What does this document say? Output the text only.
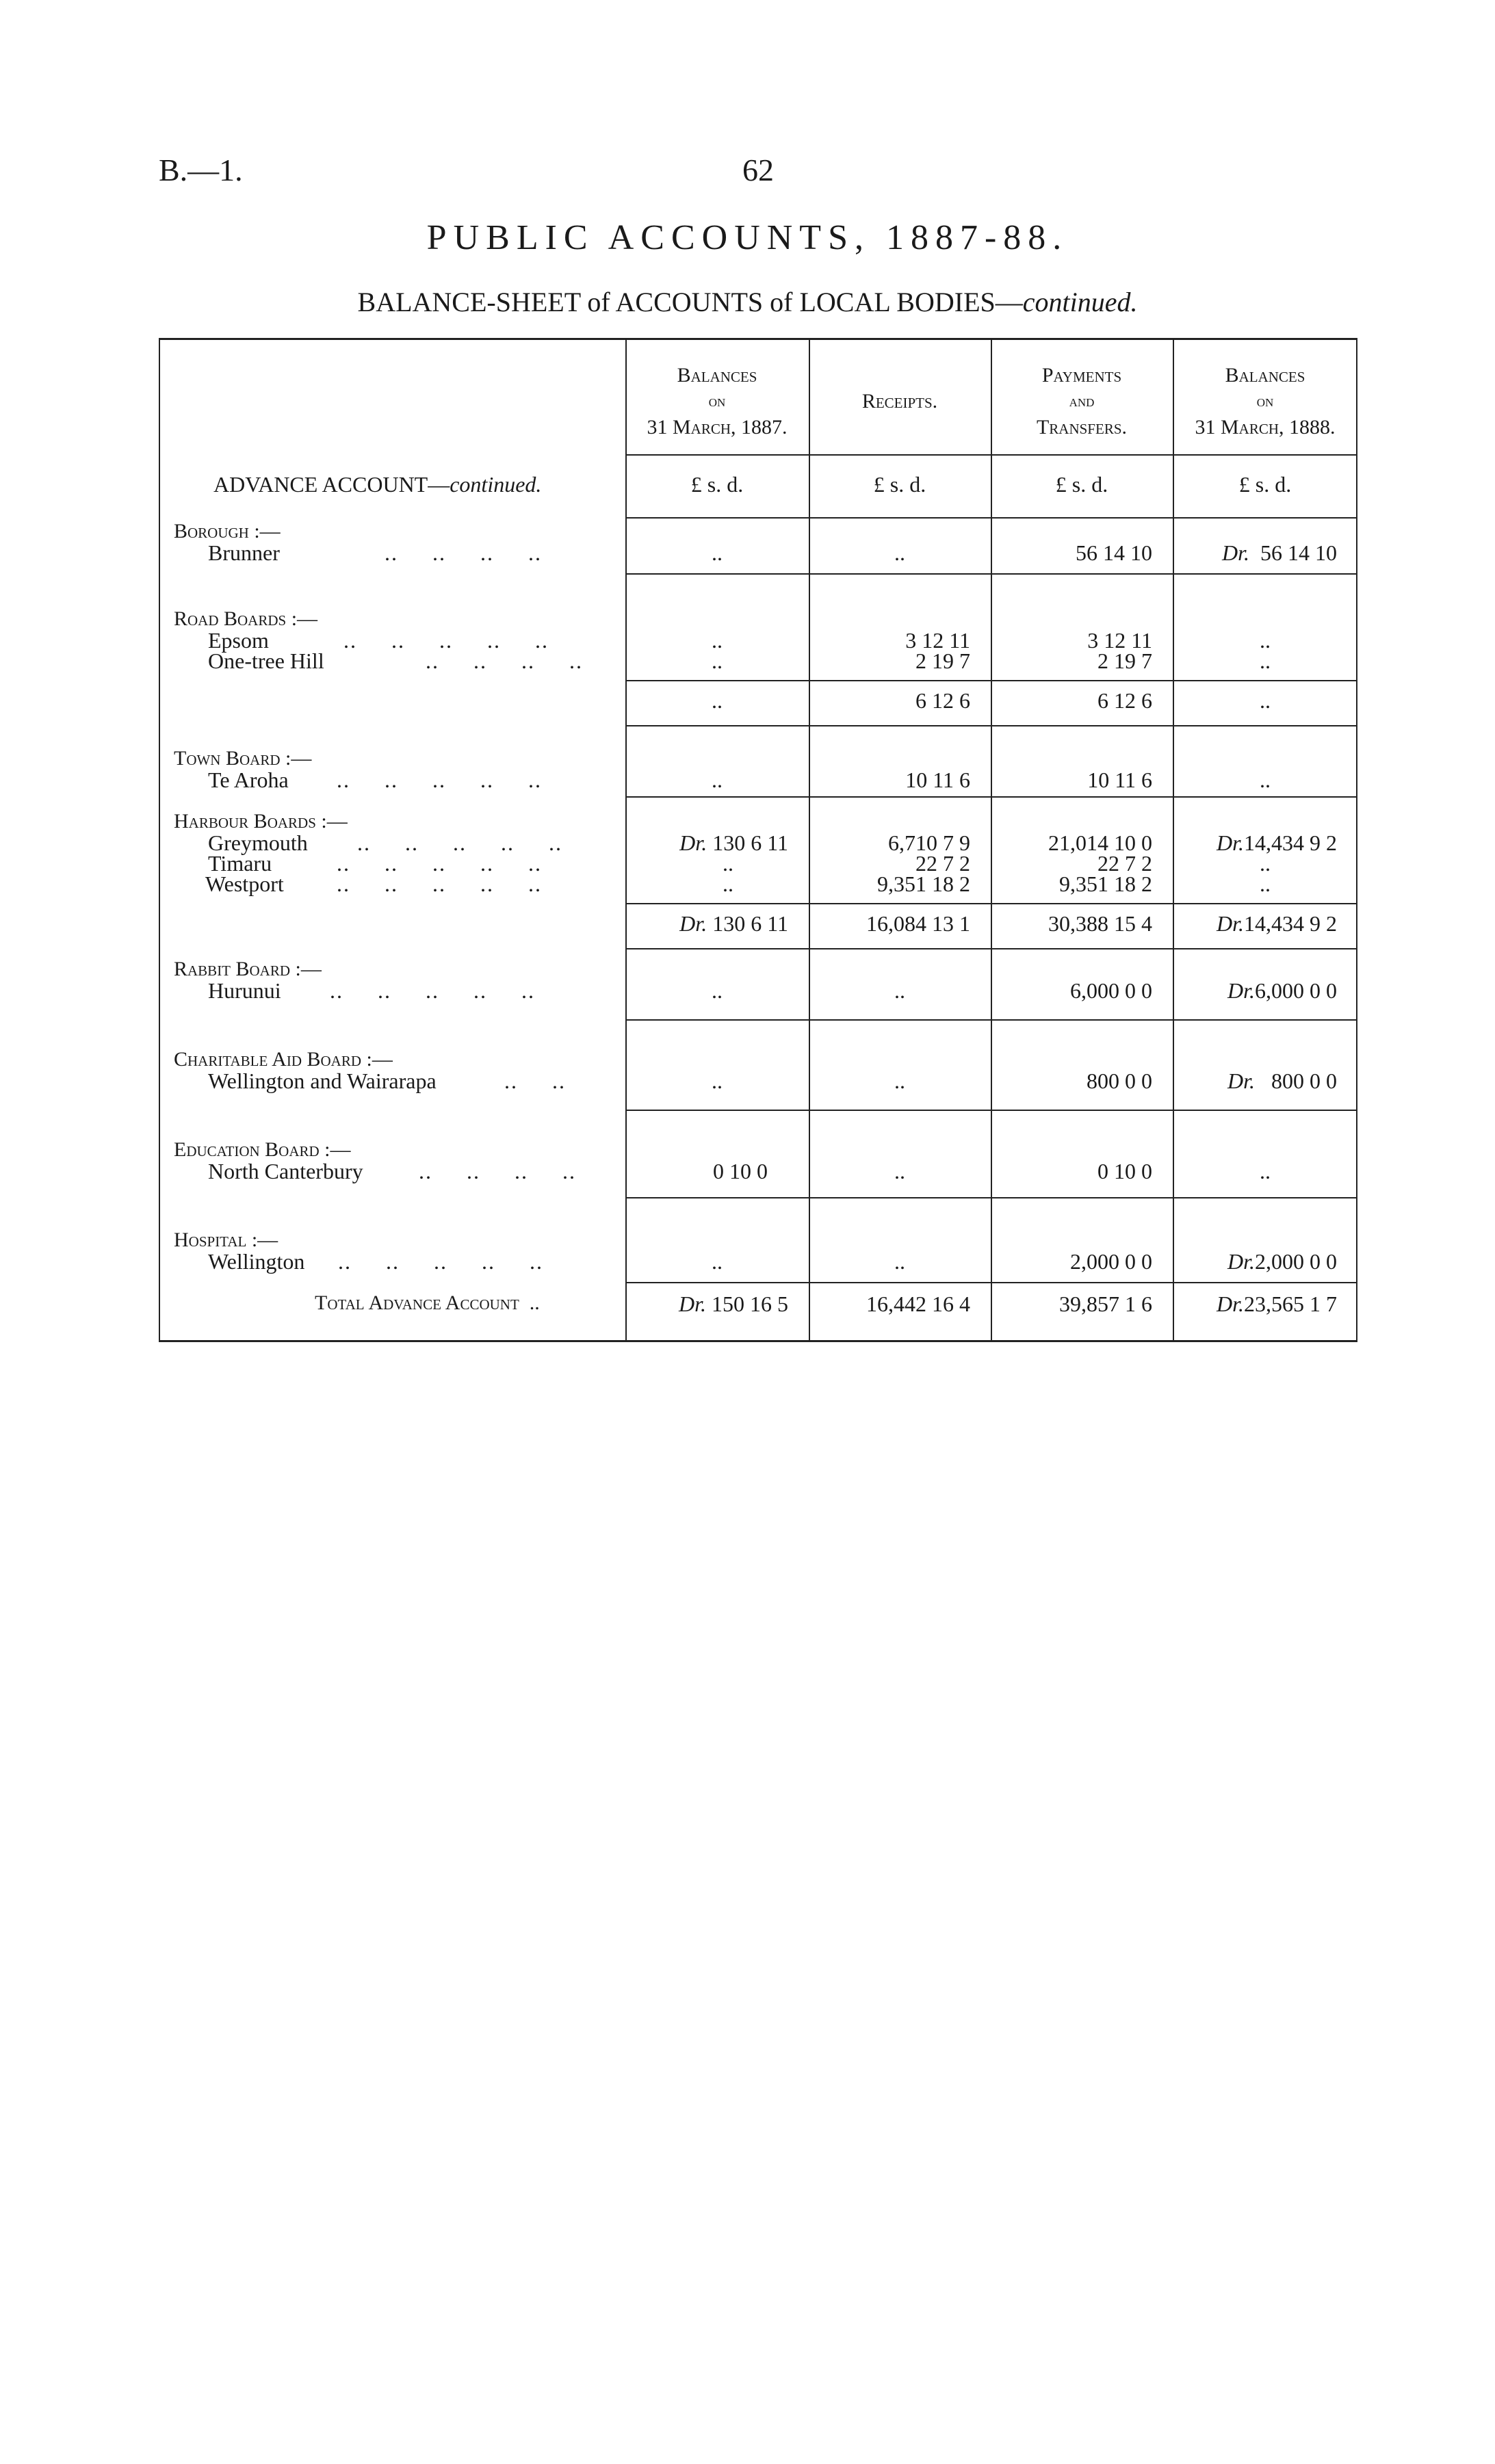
B.—1.	62
PUBLIC ACCOUNTS, 1887-88.
BALANCE-SHEET of ACCOUNTS of LOCAL BODIES—continued.
Balances
on
31 March, 1887.
Receipts.
Payments
and
Transfers.
Balances
on
31 March, 1888.
ADVANCE ACCOUNT—continued.	£ s. d.	£ s. d.	£ s. d.	£ s. d.
Borough :—
Brunner	.. .. .. ..	..	..	56 14 10	Dr. 56 14 10
Road Boards :—
Epsom	.. .. .. .. ..	..	3 12 11	3 12 11	..
One-tree Hill	.. .. .. ..	..	2 19 7	2 19 7	..
..	6 12 6	6 12 6	..
Town Board :—
Te Aroha .. .. .. .. ..	..	10 11 6	10 11 6	..
Harbour Boards :—
Greymouth .. .. .. .. ..	Dr. 130 6 11	6,710 7 9	21,014 10 0	Dr.14,434 9 2
Timaru	.. .. .. .. ..	..	22 7 2	22 7 2	..
Westport .. .. .. .. ..	..	9,351 18 2	9,351 18 2	..
Dr. 130 6 11	16,084 13 1	30,388 15 4	Dr.14,434 9 2
Rabbit Board :—
Hurunui .. .. .. .. ..	..	..	6,000 0 0	Dr.6,000 0 0
Charitable Aid Board :—
Wellington and Wairarapa	.. ..	..	..	800 0 0	Dr. 800 0 0
Education Board :—
North Canterbury	.. .. .. ..	0 10 0	..	0 10 0	..
Hospital :—
Wellington .. .. .. .. ..	..	..	2,000 0 0	Dr.2,000 0 0
Total Advance Account ..	Dr. 150 16 5	16,442 16 4	39,857 1 6	Dr.23,565 1 7
